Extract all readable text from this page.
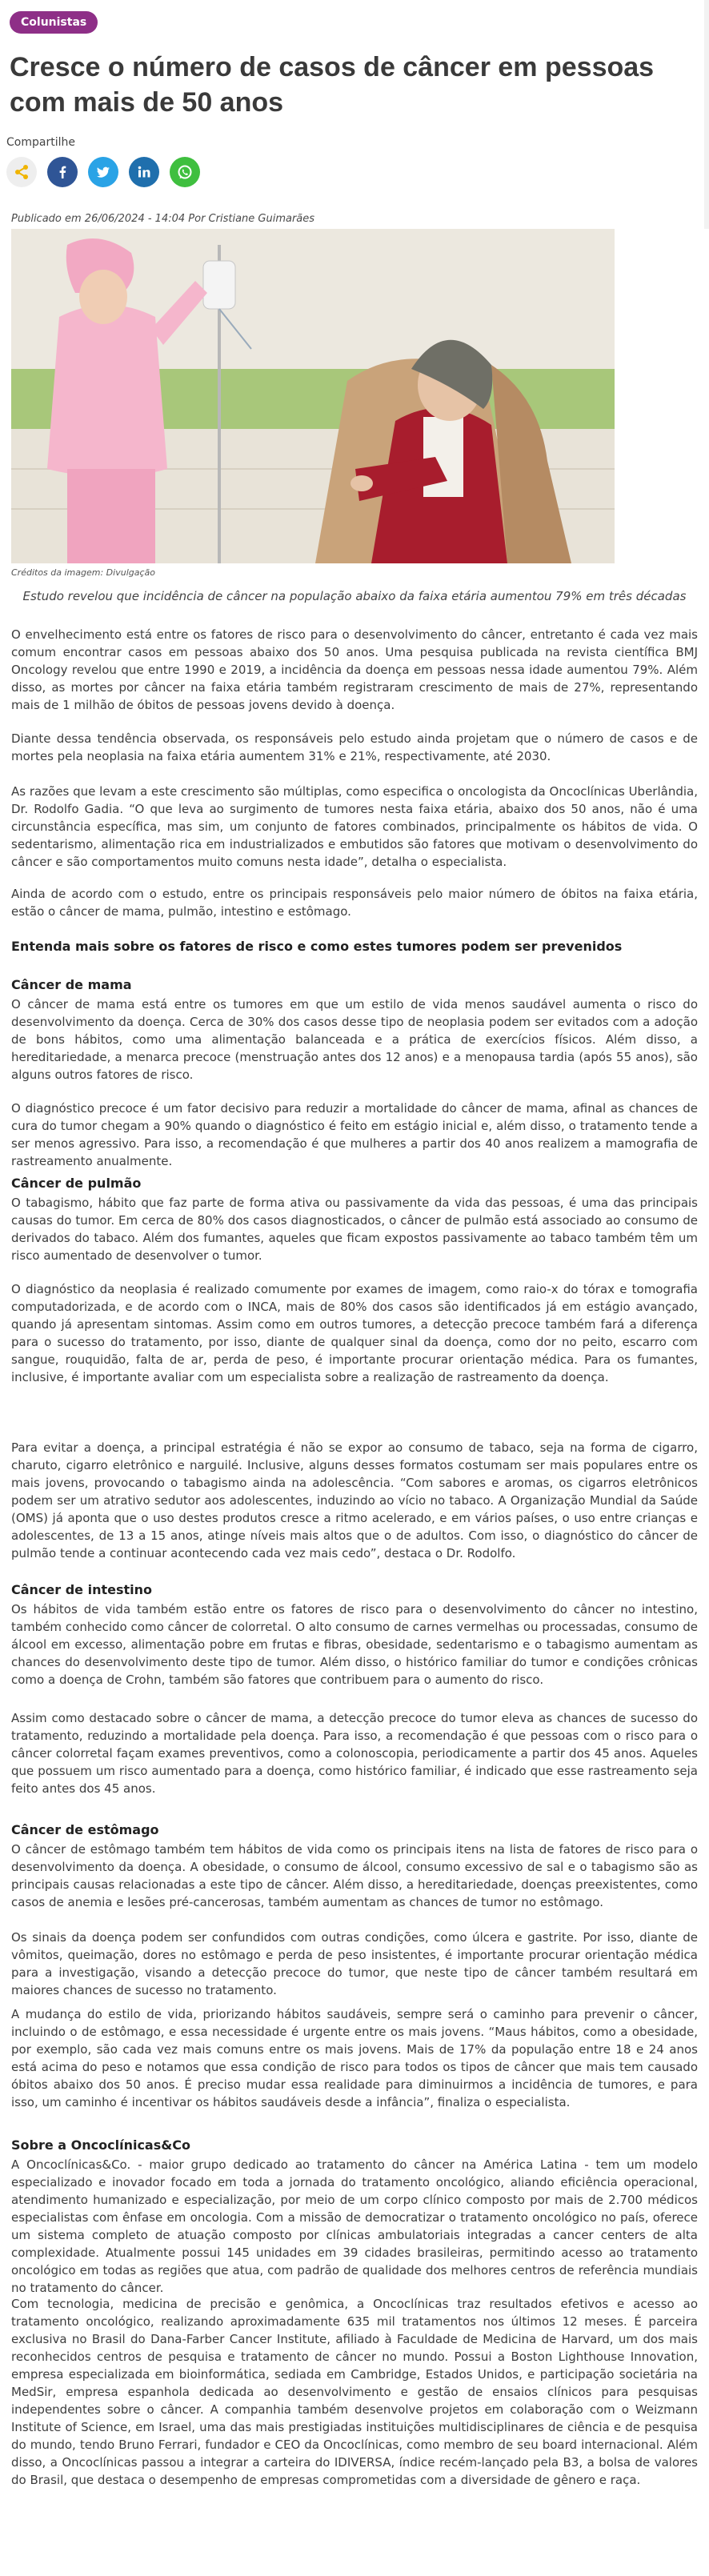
Colunistas
Cresce o número de casos de câncer em pessoas com mais de 50 anos
Compartilhe
Publicado em 26/06/2024 - 14:04 Por Cristiane Guimarães
Créditos da imagem: Divulgação
Estudo revelou que incidência de câncer na população abaixo da faixa etária aumentou 79% em três décadas

O envelhecimento está entre os fatores de risco para o desenvolvimento do câncer, entretanto é cada vez mais comum encontrar casos em pessoas abaixo dos 50 anos. Uma pesquisa publicada na revista científica BMJ Oncology revelou que entre 1990 e 2019, a incidência da doença em pessoas nessa idade aumentou 79%. Além disso, as mortes por câncer na faixa etária também registraram crescimento de mais de 27%, representando mais de 1 milhão de óbitos de pessoas jovens devido à doença.

Diante dessa tendência observada, os responsáveis pelo estudo ainda projetam que o número de casos e de mortes pela neoplasia na faixa etária aumentem 31% e 21%, respectivamente, até 2030.

As razões que levam a este crescimento são múltiplas, como especifica o oncologista da Oncoclínicas Uberlândia, Dr. Rodolfo Gadia. “O que leva ao surgimento de tumores nesta faixa etária, abaixo dos 50 anos, não é uma circunstância específica, mas sim, um conjunto de fatores combinados, principalmente os hábitos de vida. O sedentarismo, alimentação rica em industrializados e embutidos são fatores que motivam o desenvolvimento do câncer e são comportamentos muito comuns nesta idade”, detalha o especialista.

Ainda de acordo com o estudo, entre os principais responsáveis pelo maior número de óbitos na faixa etária, estão o câncer de mama, pulmão, intestino e estômago.

Entenda mais sobre os fatores de risco e como estes tumores podem ser prevenidos
Câncer de mama

O câncer de mama está entre os tumores em que um estilo de vida menos saudável aumenta o risco do desenvolvimento da doença. Cerca de 30% dos casos desse tipo de neoplasia podem ser evitados com a adoção de bons hábitos, como uma alimentação balanceada e a prática de exercícios físicos. Além disso, a hereditariedade, a menarca precoce (menstruação antes dos 12 anos) e a menopausa tardia (após 55 anos), são alguns outros fatores de risco.

O diagnóstico precoce é um fator decisivo para reduzir a mortalidade do câncer de mama, afinal as chances de cura do tumor chegam a 90% quando o diagnóstico é feito em estágio inicial e, além disso, o tratamento tende a ser menos agressivo. Para isso, a recomendação é que mulheres a partir dos 40 anos realizem a mamografia de rastreamento anualmente.

Câncer de pulmão

O tabagismo, hábito que faz parte de forma ativa ou passivamente da vida das pessoas, é uma das principais causas do tumor. Em cerca de 80% dos casos diagnosticados, o câncer de pulmão está associado ao consumo de derivados do tabaco. Além dos fumantes, aqueles que ficam expostos passivamente ao tabaco também têm um risco aumentado de desenvolver o tumor.

O diagnóstico da neoplasia é realizado comumente por exames de imagem, como raio-x do tórax e tomografia computadorizada, e de acordo com o INCA, mais de 80% dos casos são identificados já em estágio avançado, quando já apresentam sintomas. Assim como em outros tumores, a detecção precoce também fará a diferença para o sucesso do tratamento, por isso, diante de qualquer sinal da doença, como dor no peito, escarro com sangue, rouquidão, falta de ar, perda de peso, é importante procurar orientação médica. Para os fumantes, inclusive, é importante avaliar com um especialista sobre a realização de rastreamento da doença.

Para evitar a doença, a principal estratégia é não se expor ao consumo de tabaco, seja na forma de cigarro, charuto, cigarro eletrônico e narguilé. Inclusive, alguns desses formatos costumam ser mais populares entre os mais jovens, provocando o tabagismo ainda na adolescência. “Com sabores e aromas, os cigarros eletrônicos podem ser um atrativo sedutor aos adolescentes, induzindo ao vício no tabaco. A Organização Mundial da Saúde (OMS) já aponta que o uso destes produtos cresce a ritmo acelerado, e em vários países, o uso entre crianças e adolescentes, de 13 a 15 anos, atinge níveis mais altos que o de adultos. Com isso, o diagnóstico do câncer de pulmão tende a continuar acontecendo cada vez mais cedo”, destaca o Dr. Rodolfo.

Câncer de intestino

Os hábitos de vida também estão entre os fatores de risco para o desenvolvimento do câncer no intestino, também conhecido como câncer de colorretal. O alto consumo de carnes vermelhas ou processadas, consumo de álcool em excesso, alimentação pobre em frutas e fibras, obesidade, sedentarismo e o tabagismo aumentam as chances do desenvolvimento deste tipo de tumor. Além disso, o histórico familiar do tumor e condições crônicas como a doença de Crohn, também são fatores que contribuem para o aumento do risco.

Assim como destacado sobre o câncer de mama, a detecção precoce do tumor eleva as chances de sucesso do tratamento, reduzindo a mortalidade pela doença. Para isso, a recomendação é que pessoas com o risco para o câncer colorretal façam exames preventivos, como a colonoscopia, periodicamente a partir dos 45 anos. Aqueles que possuem um risco aumentado para a doença, como histórico familiar, é indicado que esse rastreamento seja feito antes dos 45 anos.

Câncer de estômago

O câncer de estômago também tem hábitos de vida como os principais itens na lista de fatores de risco para o desenvolvimento da doença. A obesidade, o consumo de álcool, consumo excessivo de sal e o tabagismo são as principais causas relacionadas a este tipo de câncer. Além disso, a hereditariedade, doenças preexistentes, como casos de anemia e lesões pré-cancerosas, também aumentam as chances de tumor no estômago.

Os sinais da doença podem ser confundidos com outras condições, como úlcera e gastrite. Por isso, diante de vômitos, queimação, dores no estômago e perda de peso insistentes, é importante procurar orientação médica para a investigação, visando a detecção precoce do tumor, que neste tipo de câncer também resultará em maiores chances de sucesso no tratamento.

A mudança do estilo de vida, priorizando hábitos saudáveis, sempre será o caminho para prevenir o câncer, incluindo o de estômago, e essa necessidade é urgente entre os mais jovens. “Maus hábitos, como a obesidade, por exemplo, são cada vez mais comuns entre os mais jovens. Mais de 17% da população entre 18 e 24 anos está acima do peso e notamos que essa condição de risco para todos os tipos de câncer que mais tem causado óbitos abaixo dos 50 anos. É preciso mudar essa realidade para diminuirmos a incidência de tumores, e para isso, um caminho é incentivar os hábitos saudáveis desde a infância”, finaliza o especialista.

Sobre a Oncoclínicas&Co

A Oncoclínicas&Co. - maior grupo dedicado ao tratamento do câncer na América Latina - tem um modelo especializado e inovador focado em toda a jornada do tratamento oncológico, aliando eficiência operacional, atendimento humanizado e especialização, por meio de um corpo clínico composto por mais de 2.700 médicos especialistas com ênfase em oncologia. Com a missão de democratizar o tratamento oncológico no país, oferece um sistema completo de atuação composto por clínicas ambulatoriais integradas a cancer centers de alta complexidade. Atualmente possui 145 unidades em 39 cidades brasileiras, permitindo acesso ao tratamento oncológico em todas as regiões que atua, com padrão de qualidade dos melhores centros de referência mundiais no tratamento do câncer.

Com tecnologia, medicina de precisão e genômica, a Oncoclínicas traz resultados efetivos e acesso ao tratamento oncológico, realizando aproximadamente 635 mil tratamentos nos últimos 12 meses. É parceira exclusiva no Brasil do Dana-Farber Cancer Institute, afiliado à Faculdade de Medicina de Harvard, um dos mais reconhecidos centros de pesquisa e tratamento de câncer no mundo. Possui a Boston Lighthouse Innovation, empresa especializada em bioinformática, sediada em Cambridge, Estados Unidos, e participação societária na MedSir, empresa espanhola dedicada ao desenvolvimento e gestão de ensaios clínicos para pesquisas independentes sobre o câncer. A companhia também desenvolve projetos em colaboração com o Weizmann Institute of Science, em Israel, uma das mais prestigiadas instituições multidisciplinares de ciência e de pesquisa do mundo, tendo Bruno Ferrari, fundador e CEO da Oncoclínicas, como membro de seu board internacional. Além disso, a Oncoclínicas passou a integrar a carteira do IDIVERSA, índice recém-lançado pela B3, a bolsa de valores do Brasil, que destaca o desempenho de empresas comprometidas com a diversidade de gênero e raça.
